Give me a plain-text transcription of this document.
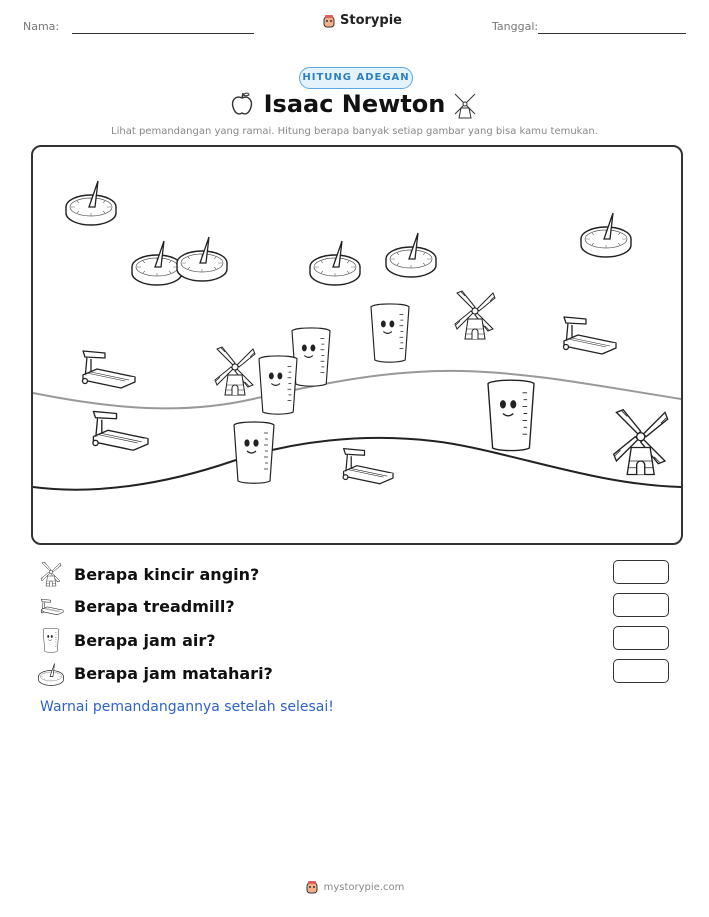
Nama:	Storypie	Tanggal:
HITUNG ADEGAN
Isaac Newton
Lihat pemandangan yang ramai. Hitung berapa banyak setiap gambar yang bisa kamu temukan.
Berapa kincir angin?
Berapa treadmill?
Berapa jam air?
Berapa jam matahari?
Warnai pemandangannya setelah selesai!
mystorypie.com
